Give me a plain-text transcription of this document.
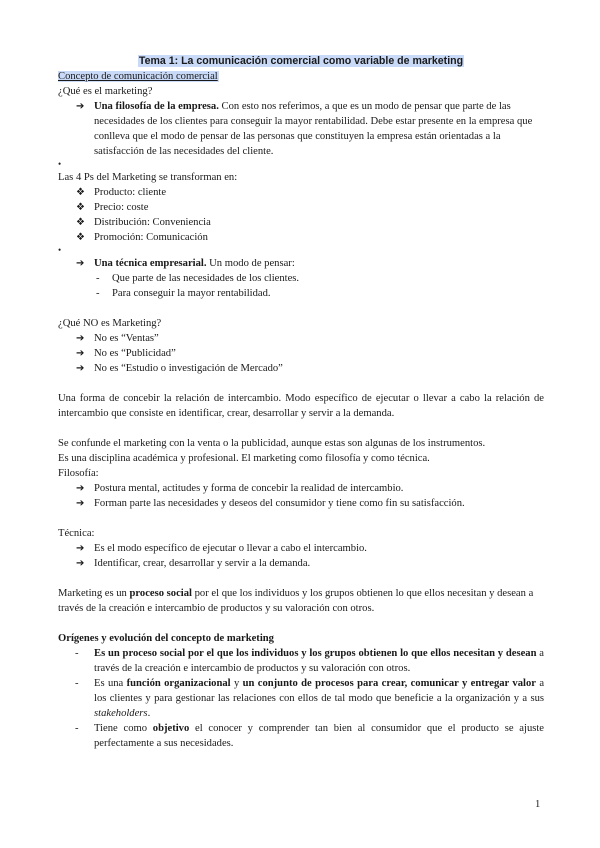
Tema 1: La comunicación comercial como variable de marketing

Concepto de comunicación comercial

¿Qué es el marketing?

➔ Una filosofía de la empresa. Con esto nos referimos, a que es un modo de pensar que parte de las necesidades de los clientes para conseguir la mayor rentabilidad. Debe estar presente en la empresa que conlleva que el modo de pensar de las personas que constituyen la empresa están orientadas a la satisfacción de las necesidades del cliente.

•

Las 4 Ps del Marketing se transforman en:

❖ Producto: cliente
❖ Precio: coste
❖ Distribución: Conveniencia
❖ Promoción: Comunicación

•

➔ Una técnica empresarial. Un modo de pensar:
- Que parte de las necesidades de los clientes.
- Para conseguir la mayor rentabilidad.

¿Qué NO es Marketing?

➔ No es “Ventas”
➔ No es “Publicidad”
➔ No es “Estudio o investigación de Mercado”

Una forma de concebir la relación de intercambio. Modo específico de ejecutar o llevar a cabo la relación de intercambio que consiste en identificar, crear, desarrollar y servir a la demanda.

Se confunde el marketing con la venta o la publicidad, aunque estas son algunas de los instrumentos.

Es una disciplina académica y profesional. El marketing como filosofía y como técnica.

Filosofía:

➔ Postura mental, actitudes y forma de concebir la realidad de intercambio.
➔ Forman parte las necesidades y deseos del consumidor y tiene como fin su satisfacción.

Técnica:

➔ Es el modo específico de ejecutar o llevar a cabo el intercambio.
➔ Identificar, crear, desarrollar y servir a la demanda.

Marketing es un proceso social por el que los individuos y los grupos obtienen lo que ellos necesitan y desean a través de la creación e intercambio de productos y su valoración con otros.

Orígenes y evolución del concepto de marketing

- Es un proceso social por el que los individuos y los grupos obtienen lo que ellos necesitan y desean a través de la creación e intercambio de productos y su valoración con otros.
- Es una función organizacional y un conjunto de procesos para crear, comunicar y entregar valor a los clientes y para gestionar las relaciones con ellos de tal modo que beneficie a la organización y a sus stakeholders.
- Tiene como objetivo el conocer y comprender tan bien al consumidor que el producto se ajuste perfectamente a sus necesidades.
1
